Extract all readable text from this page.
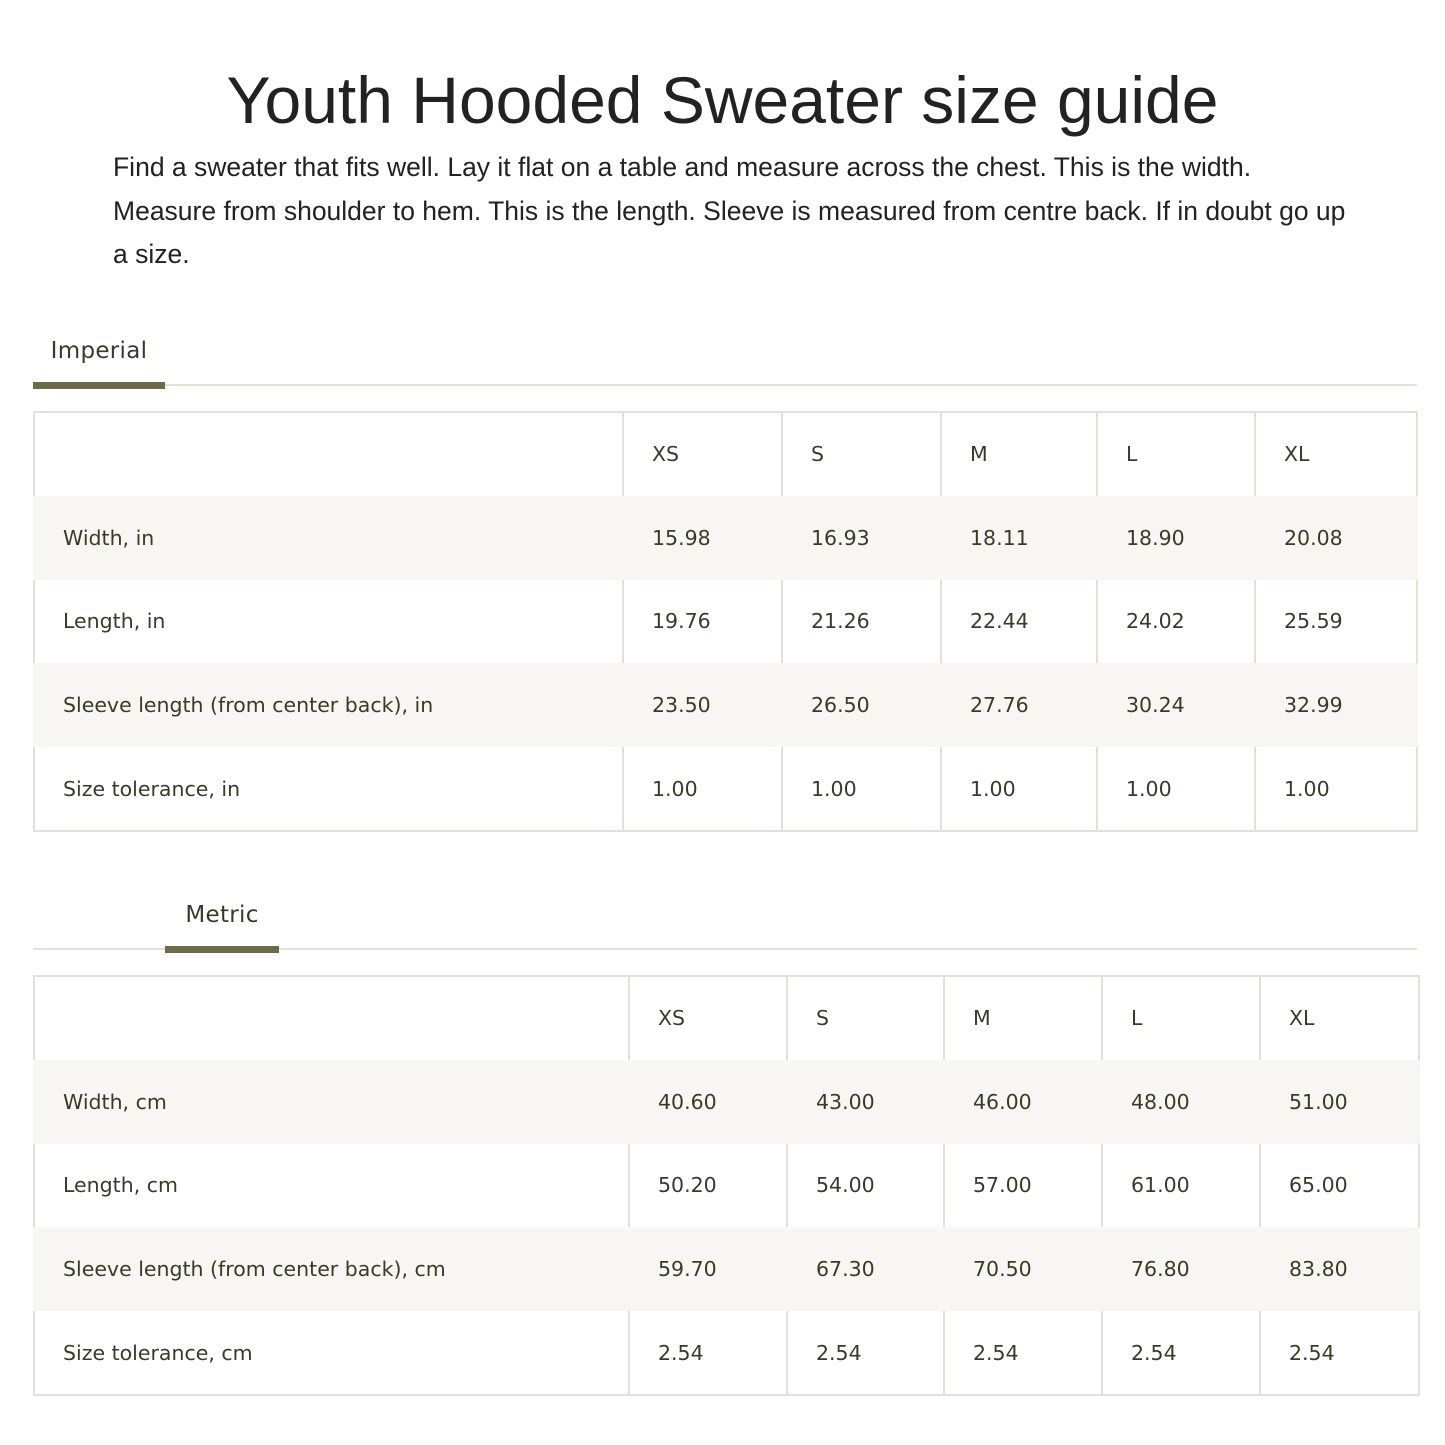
Youth Hooded Sweater size guide

Find a sweater that fits well. Lay it flat on a table and measure across the chest. This is the width. Measure from shoulder to hem. This is the length. Sleeve is measured from centre back. If in doubt go up a size.

Imperial
	XS	S	M	L	XL
Width, in	15.98	16.93	18.11	18.90	20.08
Length, in	19.76	21.26	22.44	24.02	25.59
Sleeve length (from center back), in	23.50	26.50	27.76	30.24	32.99
Size tolerance, in	1.00	1.00	1.00	1.00	1.00
Metric
	XS	S	M	L	XL
Width, cm	40.60	43.00	46.00	48.00	51.00
Length, cm	50.20	54.00	57.00	61.00	65.00
Sleeve length (from center back), cm	59.70	67.30	70.50	76.80	83.80
Size tolerance, cm	2.54	2.54	2.54	2.54	2.54
